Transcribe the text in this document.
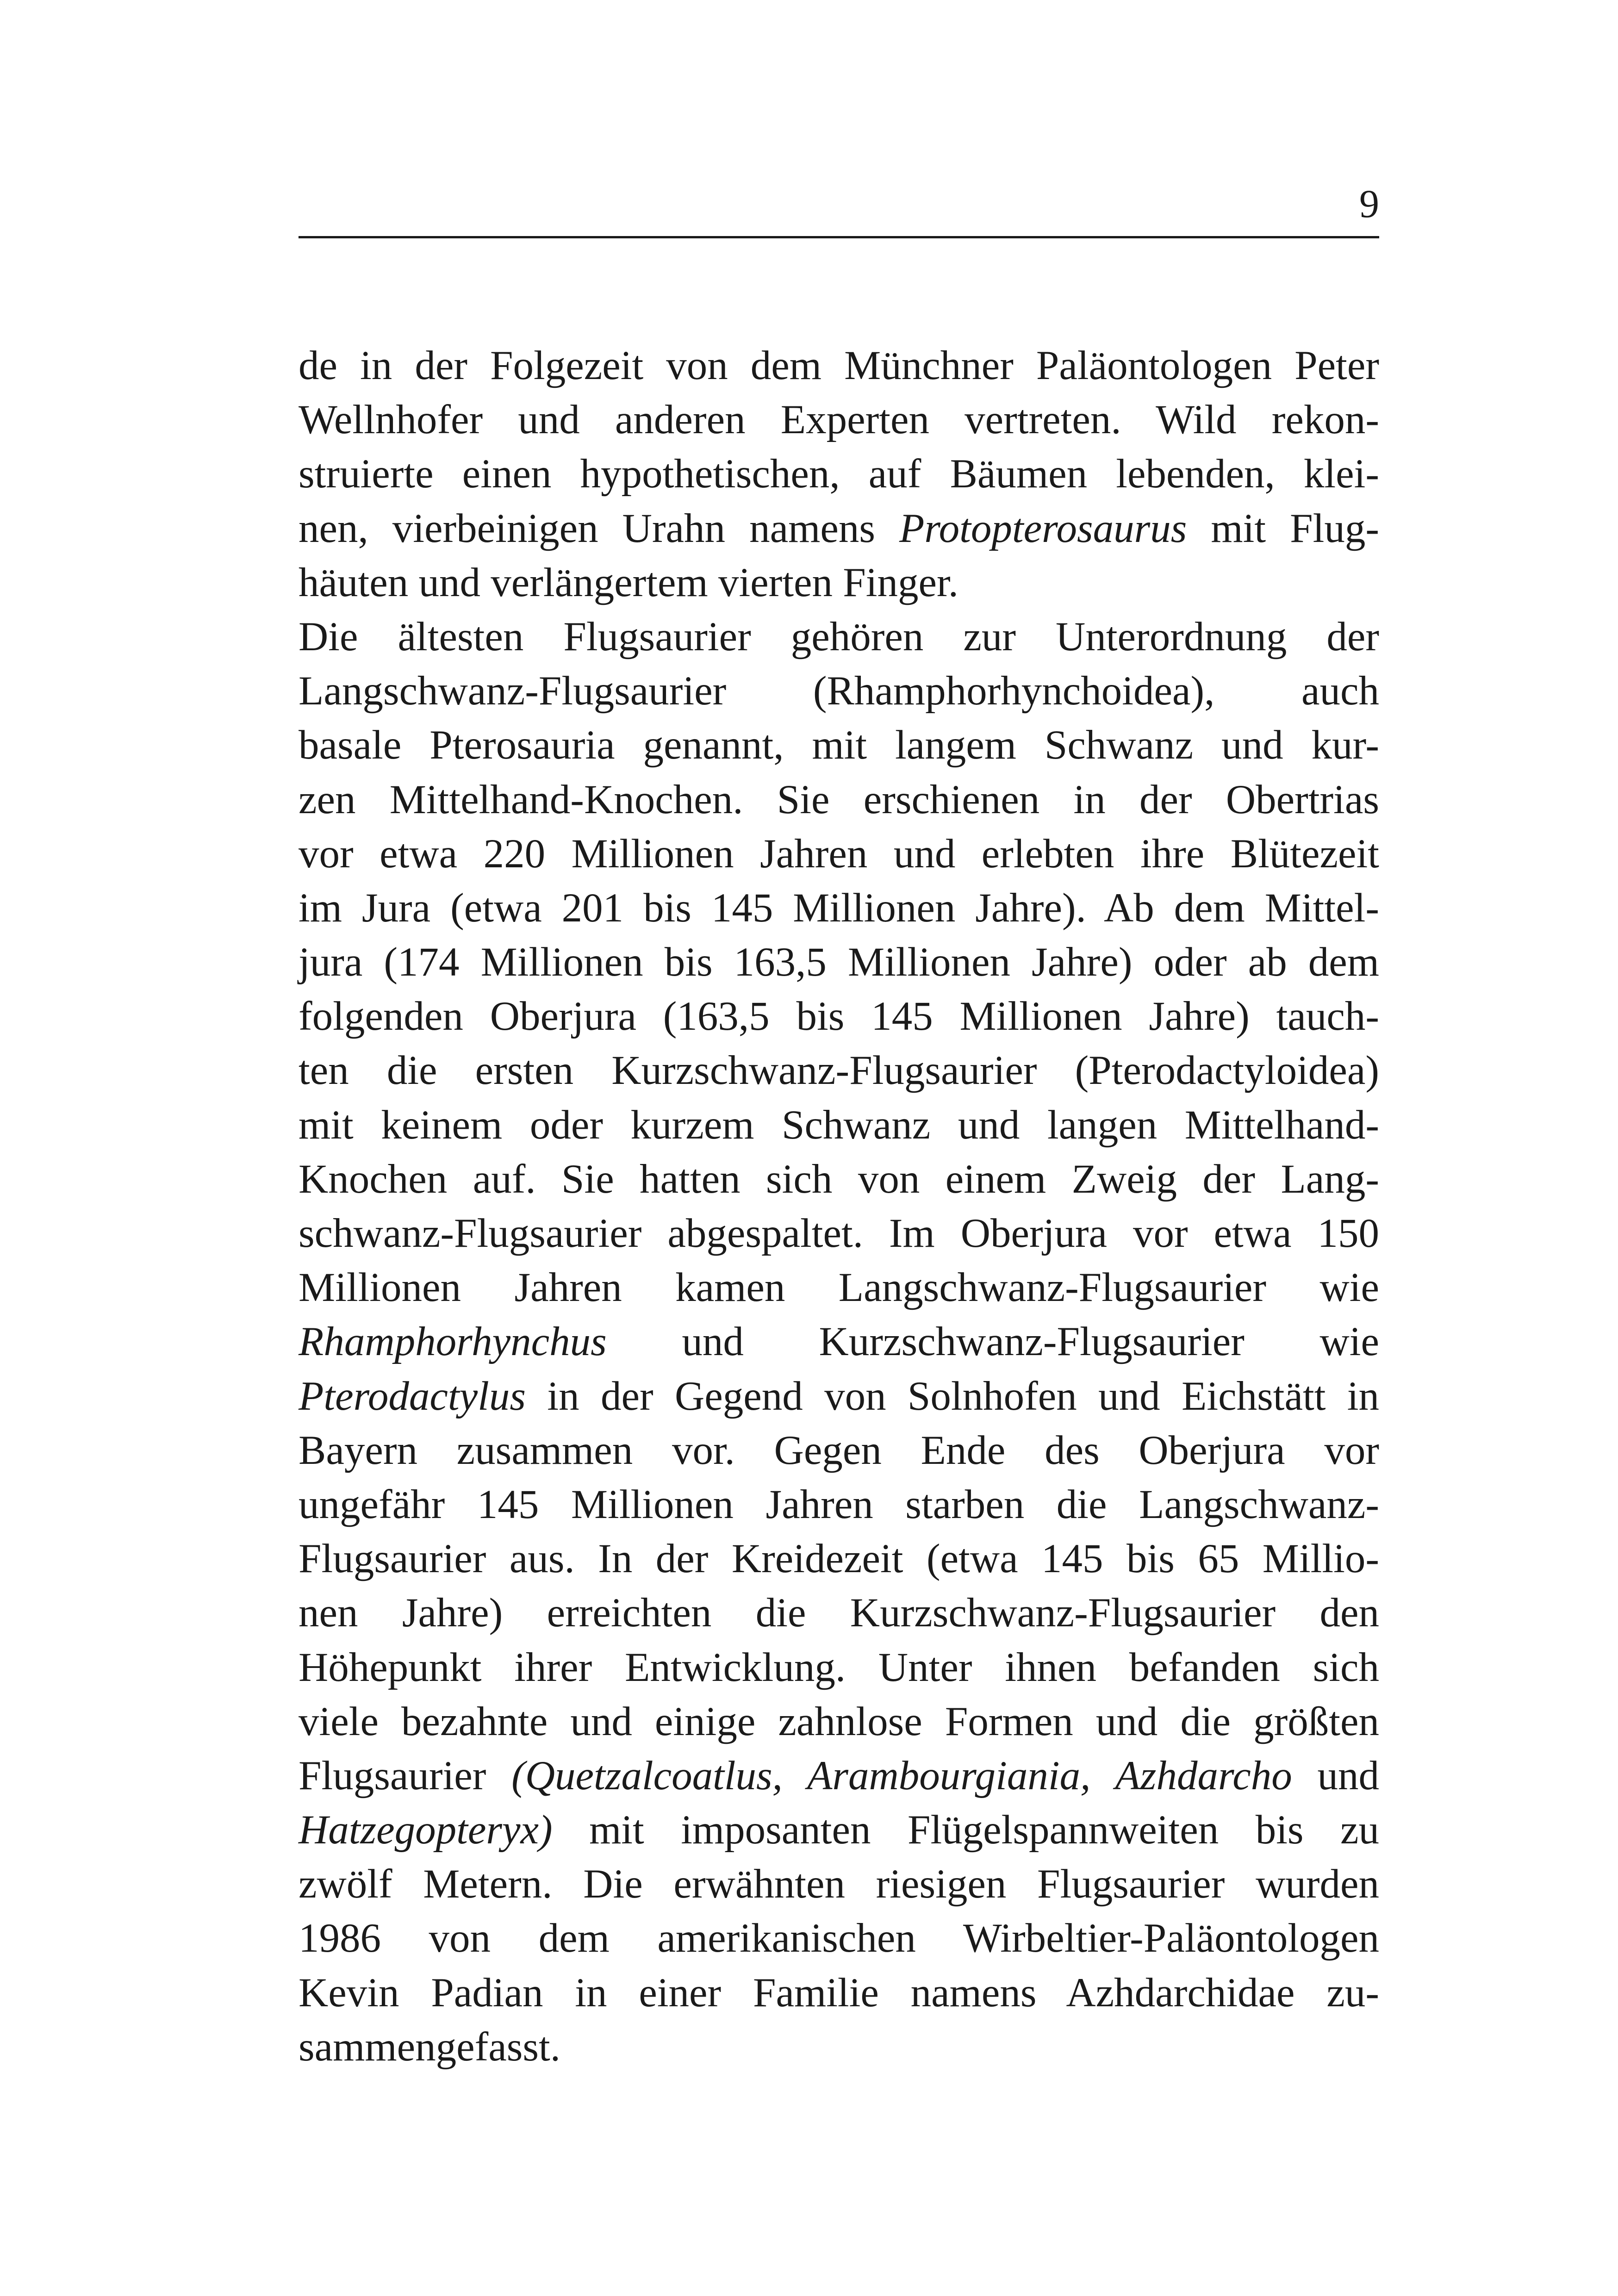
9
de in der Folgezeit von dem Münchner Paläontologen Peter
Wellnhofer und anderen Experten vertreten. Wild rekon-
struierte einen hypothetischen, auf Bäumen lebenden, klei-
nen, vierbeinigen Urahn namens Protopterosaurus mit Flug-
häuten und verlängertem vierten Finger.
Die ältesten Flugsaurier gehören zur Unterordnung der
Langschwanz-Flugsaurier (Rhamphorhynchoidea), auch
basale Pterosauria genannt, mit langem Schwanz und kur-
zen Mittelhand-Knochen. Sie erschienen in der Obertrias
vor etwa 220 Millionen Jahren und erlebten ihre Blütezeit
im Jura (etwa 201 bis 145 Millionen Jahre). Ab dem Mittel-
jura (174 Millionen bis 163,5 Millionen Jahre) oder ab dem
folgenden Oberjura (163,5 bis 145 Millionen Jahre) tauch-
ten die ersten Kurzschwanz-Flugsaurier (Pterodactyloidea)
mit keinem oder kurzem Schwanz und langen Mittelhand-
Knochen auf. Sie hatten sich von einem Zweig der Lang-
schwanz-Flugsaurier abgespaltet. Im Oberjura vor etwa 150
Millionen Jahren kamen Langschwanz-Flugsaurier wie
Rhamphorhynchus und Kurzschwanz-Flugsaurier wie
Pterodactylus in der Gegend von Solnhofen und Eichstätt in
Bayern zusammen vor. Gegen Ende des Oberjura vor
ungefähr 145 Millionen Jahren starben die Langschwanz-
Flugsaurier aus. In der Kreidezeit (etwa 145 bis 65 Millio-
nen Jahre) erreichten die Kurzschwanz-Flugsaurier den
Höhepunkt ihrer Entwicklung. Unter ihnen befanden sich
viele bezahnte und einige zahnlose Formen und die größten
Flugsaurier (Quetzalcoatlus, Arambourgiania, Azhdarcho und
Hatzegopteryx) mit imposanten Flügelspannweiten bis zu
zwölf Metern. Die erwähnten riesigen Flugsaurier wurden
1986 von dem amerikanischen Wirbeltier-Paläontologen
Kevin Padian in einer Familie namens Azhdarchidae zu-
sammengefasst.
